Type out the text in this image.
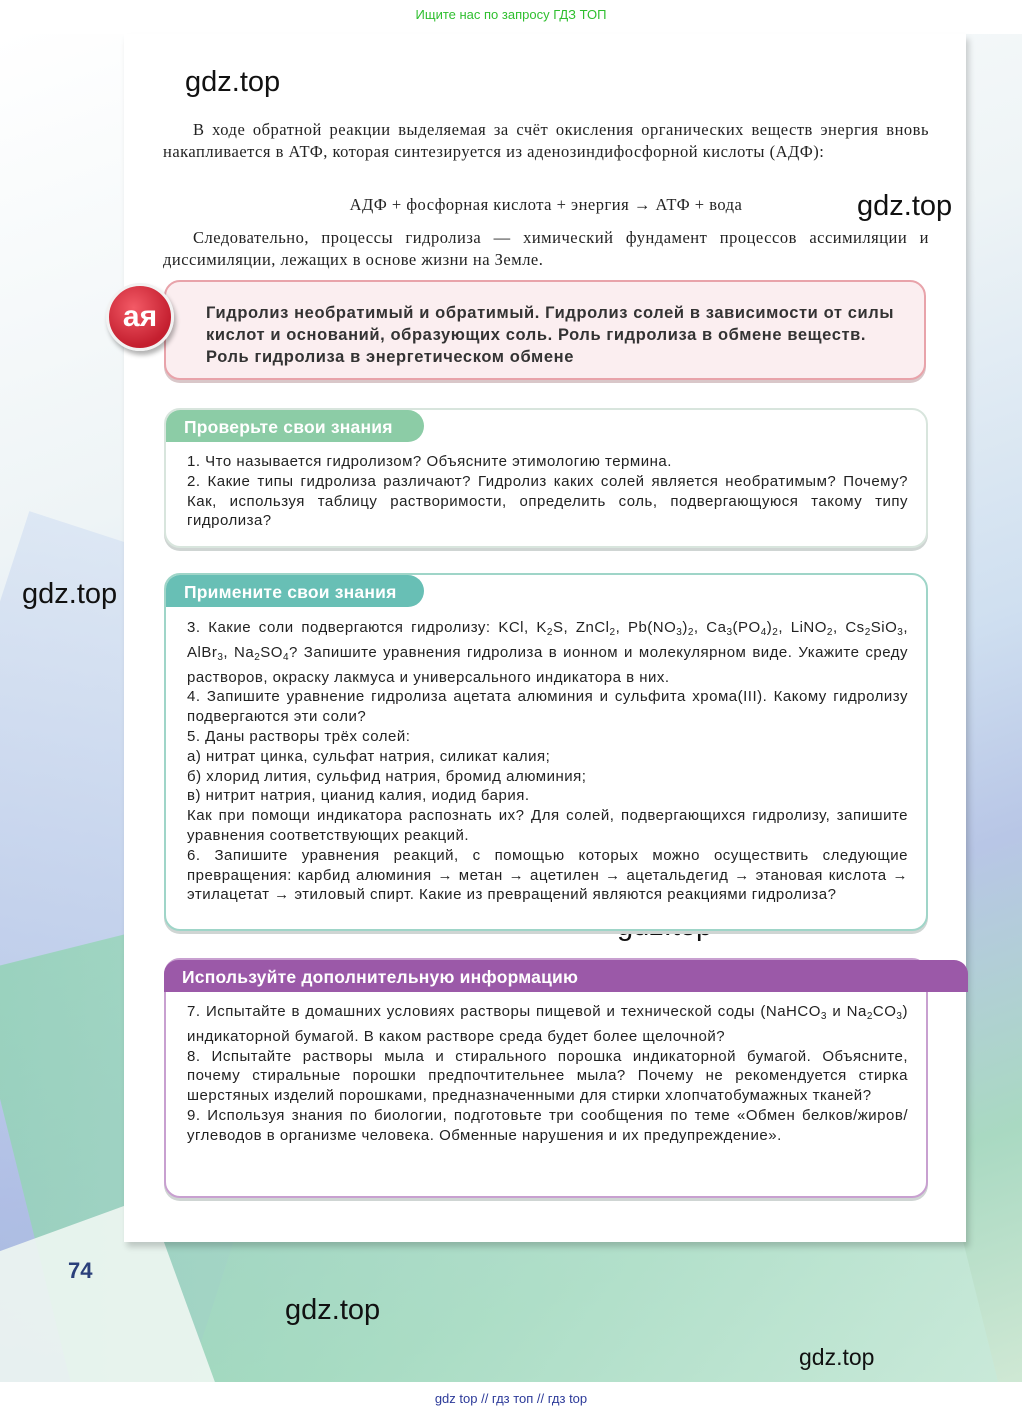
Ищите нас по запросу ГДЗ ТОП
gdz.top
gdz.top
gdz.top
В ходе обратной реакции выделяемая за счёт окисления органических веществ энергия вновь накапливается в АТФ, которая синтезируется из аденозиндифосфорной кислоты (АДФ):
АДФ + фосфорная кислота + энергия → АТФ + вода
Следовательно, процессы гидролиза — химический фундамент процессов ассимиляции и диссимиляции, лежащих в основе жизни на Земле.

Гидролиз необратимый и обратимый. Гидролиз солей в зависимости от силы кислот и оснований, образующих соль. Роль гидролиза в обмене веществ. Роль гидролиза в энергетическом обмене

ая
Проверьте свои знания

1. Что называется гидролизом? Объясните этимологию термина.

2. Какие типы гидролиза различают? Гидролиз каких солей является необратимым? Почему? Как, используя таблицу растворимости, определить соль, подвергающуюся такому типу гидролиза?

Примените свои знания

3. Какие соли подвергаются гидролизу: KCl, $K_2S$, ZnCl$_2$, $Pb(NO_3)_2$, $Ca_3(PO_4)_2$, LiNO$_2$, $Cs_2SiO_3$, AlBr$_3$, $Na_2SO_4$? Запишите уравнения гидролиза в ионном и молекулярном виде. Укажите среду растворов, окраску лакмуса и универсального индикатора в них.

4. Запишите уравнение гидролиза ацетата алюминия и сульфита хрома(III). Какому гидролизу подвергаются эти соли?

5. Даны растворы трёх солей:

а) нитрат цинка, сульфат натрия, силикат калия;

б) хлорид лития, сульфид натрия, бромид алюминия;

в) нитрит натрия, цианид калия, иодид бария.

Как при помощи индикатора распознать их? Для солей, подвергающихся гидролизу, запишите уравнения соответствующих реакций.

6. Запишите уравнения реакций, с помощью которых можно осуществить следующие превращения: карбид алюминия → метан → ацетилен → ацетальдегид → этановая кислота → этилацетат → этиловый спирт. Какие из превращений являются реакциями гидролиза?

Используйте дополнительную информацию

7. Испытайте в домашних условиях растворы пищевой и технической соды (NaHCO$_3$ и $Na_2CO_3$) индикаторной бумагой. В каком растворе среда будет более щелочной?

8. Испытайте растворы мыла и стирального порошка индикаторной бумагой. Объясните, почему стиральные порошки предпочтительнее мыла? Почему не рекомендуется стирка шерстяных изделий порошками, предназначенными для стирки хлопчатобумажных тканей?

9. Используя знания по биологии, подготовьте три сообщения по теме «Обмен белков/жиров/углеводов в организме человека. Обменные нарушения и их предупреждение».

74
gdz.top
gdz.top
gdz top // гдз топ // гдз top
